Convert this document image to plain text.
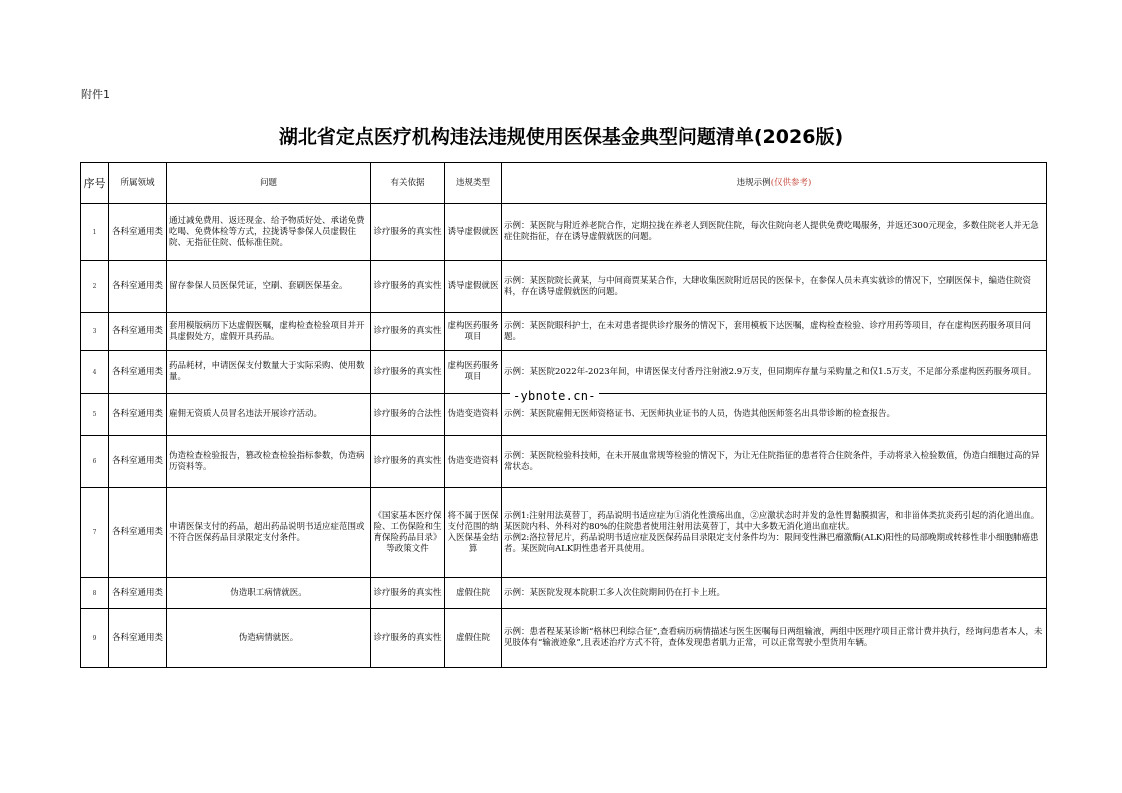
附件1
湖北省定点医疗机构违法违规使用医保基金典型问题清单(2026版)
序号	所属领域	问题	有关依据	违规类型	违规示例(仅供参考)
1	各科室通用类	通过减免费用、返还现金、给予物质好处、承诺免费吃喝、免费体检等方式，拉拢诱导参保人员虚假住院、无指征住院、低标准住院。	诊疗服务的真实性	诱导虚假就医	示例：某医院与附近养老院合作，定期拉拢在养老人到医院住院，每次住院向老人提供免费吃喝服务，并返还300元现金，多数住院老人并无急症住院指征，存在诱导虚假就医的问题。
2	各科室通用类	留存参保人员医保凭证，空刷、套刷医保基金。	诊疗服务的真实性	诱导虚假就医	示例：某医院院长黄某，与中间商贾某某合作，大肆收集医院附近居民的医保卡，在参保人员未真实就诊的情况下，空刷医保卡，编造住院资料，存在诱导虚假就医的问题。
3	各科室通用类	套用模版病历下达虚假医嘱，虚构检查检验项目并开具虚假处方，虚假开具药品。	诊疗服务的真实性	虚构医药服务项目	示例：某医院眼科护士，在未对患者提供诊疗服务的情况下，套用模板下达医嘱，虚构检查检验、诊疗用药等项目，存在虚构医药服务项目问题。
4	各科室通用类	药品耗材，申请医保支付数量大于实际采购、使用数量。	诊疗服务的真实性	虚构医药服务项目	示例：某医院2022年-2023年间，申请医保支付香丹注射液2.9万支，但同期库存量与采购量之和仅1.5万支，不足部分系虚构医药服务项目。
5	各科室通用类	雇佣无资质人员冒名违法开展诊疗活动。	诊疗服务的合法性	伪造变造资料	示例：某医院雇佣无医师资格证书、无医师执业证书的人员，伪造其他医师签名出具带诊断的检查报告。
6	各科室通用类	伪造检查检验报告，篡改检查检验指标参数，伪造病历资料等。	诊疗服务的真实性	伪造变造资料	示例：某医院检验科技师，在未开展血常规等检验的情况下，为让无住院指征的患者符合住院条件，手动将录入检验数值，伪造白细胞过高的异常状态。
7	各科室通用类	申请医保支付的药品，超出药品说明书适应症范围或不符合医保药品目录限定支付条件。	《国家基本医疗保险、工伤保险和生育保险药品目录》等政策文件	将不属于医保支付范围的纳入医保基金结算	示例1:注射用法莫替丁，药品说明书适应症为①消化性溃疡出血，②应激状态时并发的急性胃黏膜损害，和非甾体类抗炎药引起的消化道出血。某医院内科、外科对约80%的住院患者使用注射用法莫替丁，其中大多数无消化道出血症状。
示例2:洛拉替尼片，药品说明书适应症及医保药品目录限定支付条件均为：限间变性淋巴瘤激酶(ALK)阳性的局部晚期或转移性非小细胞肺癌患者。某医院向ALK阴性患者开具使用。
8	各科室通用类	伪造职工病情就医。	诊疗服务的真实性	虚假住院	示例：某医院发现本院职工多人次住院期间仍在打卡上班。
9	各科室通用类	伪造病情就医。	诊疗服务的真实性	虚假住院	示例：患者程某某诊断“格林巴利综合征”,查看病历病情描述与医生医嘱每日两组输液，两组中医理疗项目正常计费并执行，经询问患者本人，未见肢体有“输液迹象”,且表述治疗方式不符，查体发现患者肌力正常，可以正常驾驶小型货用车辆。
-ybnote.cn-
